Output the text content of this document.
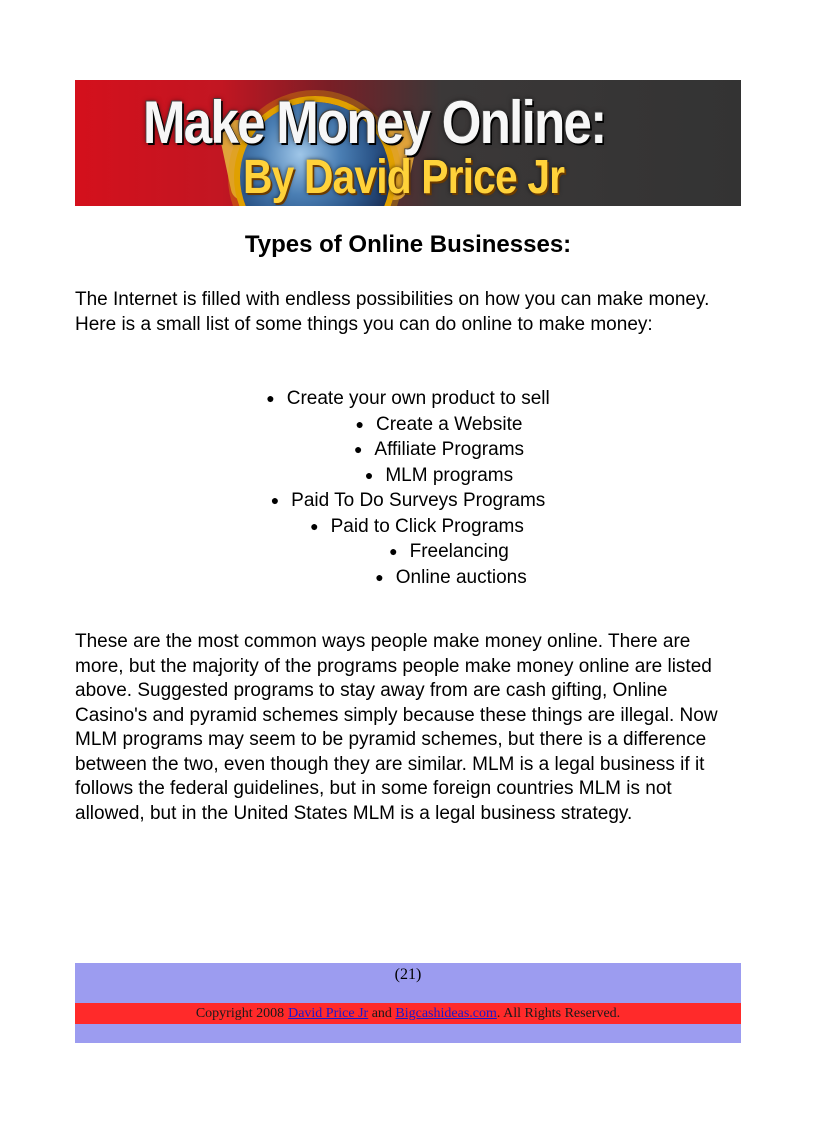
Make Money Online:
By David Price Jr
Types of Online Businesses:
The Internet is filled with endless possibilities on how you can make money. Here is a small list of some things you can do online to make money:
● Create your own product to sell
● Create a Website
● Affiliate Programs
● MLM programs
● Paid To Do Surveys Programs
● Paid to Click Programs
● Freelancing
● Online auctions
These are the most common ways people make money online. There are more, but the majority of the programs people make money online are listed above. Suggested programs to stay away from are cash gifting, Online Casino's and pyramid schemes simply because these things are illegal. Now MLM programs may seem to be pyramid schemes, but there is a difference between the two, even though they are similar. MLM is a legal business if it follows the federal guidelines, but in some foreign countries MLM is not allowed, but in the United States MLM is a legal business strategy.
(21)
Copyright 2008 David Price Jr and Bigcashideas.com. All Rights Reserved.
